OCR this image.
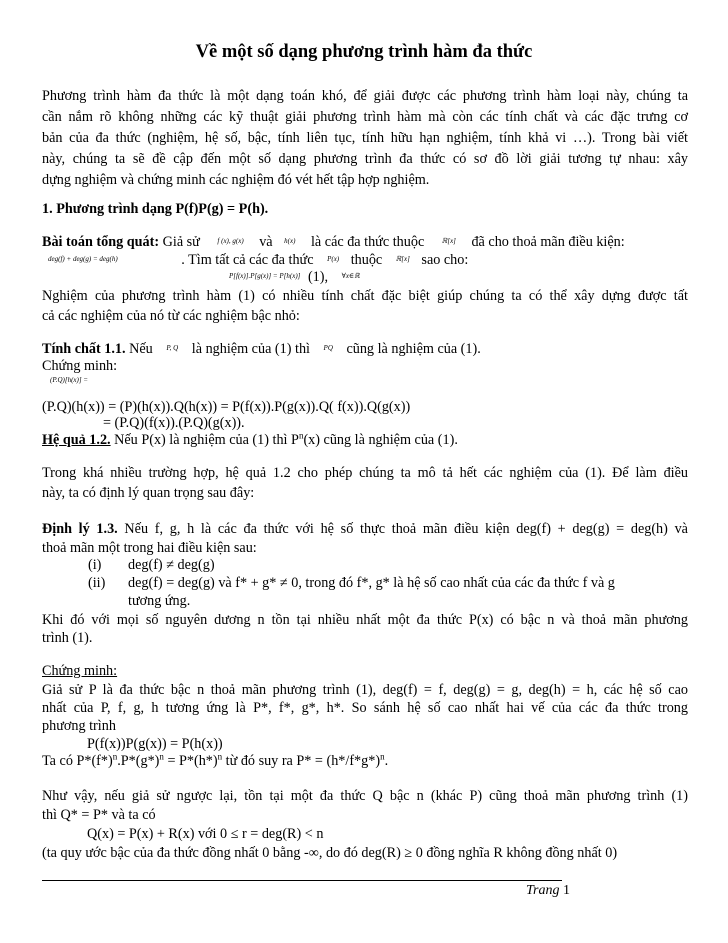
Về một số dạng phương trình hàm đa thức
Phương trình hàm đa thức là một dạng toán khó, để giải được các phương trình hàm loại này, chúng ta
cần nắm rõ không những các kỹ thuật giải phương trình hàm mà còn các tính chất và các đặc trưng cơ
bản của đa thức (nghiệm, hệ số, bậc, tính liên tục, tính hữu hạn nghiệm, tính khả vi …). Trong bài viết
này, chúng ta sẽ đề cập đến một số dạng phương trình đa thức có sơ đồ lời giải tương tự nhau: xây
dựng nghiệm và chứng minh các nghiệm đó vét hết tập hợp nghiệm.
1. Phương trình dạng P(f)P(g) = P(h).
Bài toán tổng quát: Giả sử	$^{f (x), g(x)}$ và $^{h(x)}$ là các đa thức thuộc	$^{ℝ[x]}$ đã cho thoả mãn điều kiện:
$^{deg(f) + deg(g) = deg(h)}$	. Tìm tất cả các đa thức $^{P(x)}$ thuộc $^{ℝ[x]}$ sao cho:
$^{P[f(x)].P[g(x)] = P[h(x)]}$ (1), $^{\forall x\in ℝ}$
Nghiệm của phương trình hàm (1) có nhiều tính chất đặc biệt giúp chúng ta có thể xây dựng được tất
cả các nghiệm của nó từ các nghiệm bậc nhỏ:
Tính chất 1.1. Nếu $^{P, Q}$ là nghiệm của (1) thì $^{PQ}$ cũng là nghiệm của (1).
Chứng minh:
$^{(P.Q)[h(x)] =}$
(P.Q)(h(x)) = (P)(h(x)).Q(h(x)) = P(f(x)).P(g(x)).Q( f(x)).Q(g(x))
= (P.Q)(f(x)).(P.Q)(g(x)).
Hệ quả 1.2. Nếu P(x) là nghiệm của (1) thì $P^n(x)$ cũng là nghiệm của (1).
Trong khá nhiều trường hợp, hệ quả 1.2 cho phép chúng ta mô tả hết các nghiệm của (1). Để làm điều
này, ta có định lý quan trọng sau đây:
Định lý 1.3. Nếu f, g, h là các đa thức với hệ số thực thoả mãn điều kiện deg(f) + deg(g) = deg(h) và
thoả mãn một trong hai điều kiện sau:
(i)	deg(f) ≠ deg(g)
(ii)	deg(f) = deg(g) và f* + g* ≠ 0, trong đó f*, g* là hệ số cao nhất của các đa thức f và g
tương ứng.
Khi đó với mọi số nguyên dương n tồn tại nhiều nhất một đa thức P(x) có bậc n và thoả mãn phương
trình (1).
Chứng minh:
Giả sử P là đa thức bậc n thoả mãn phương trình (1), deg(f) = f, deg(g) = g, deg(h) = h, các hệ số cao
nhất của P, f, g, h tương ứng là P*, f*, g*, h*. So sánh hệ số cao nhất hai vế của các đa thức trong
phương trình
P(f(x))P(g(x)) = P(h(x))
Ta có $P*(f*)^n.P*(g*)^n = P*(h*)^n$ từ đó suy ra $P* = (h*/f*g*)^n$.
Như vậy, nếu giả sử ngược lại, tồn tại một đa thức Q bậc n (khác P) cũng thoả mãn phương trình (1)
thì Q* = P* và ta có
Q(x) = P(x) + R(x) với 0 ≤ r = deg(R) < n
(ta quy ước bậc của đa thức đồng nhất 0 bằng -∞, do đó deg(R) ≥ 0 đồng nghĩa R không đồng nhất 0)
Trang 1
